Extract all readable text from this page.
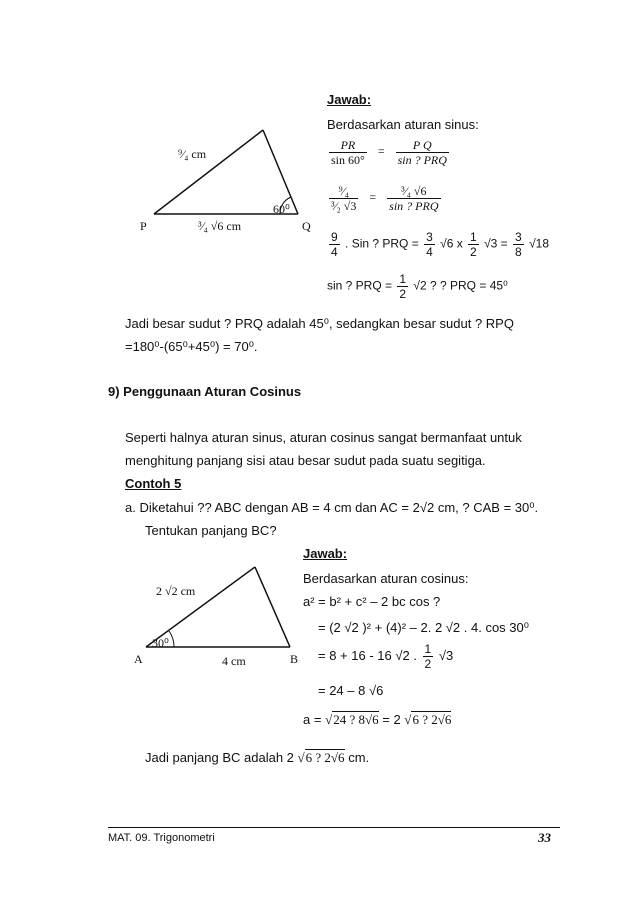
P	Q
⁹⁄₄ cm
³⁄₄ √6 cm
60⁰
Jawab:
Berdasarkan aturan sinus:
$\frac{PR}{\sin 60^\circ} = \frac{\text{P Q}}{\text{sin ? PRQ}}$
$\frac{\text{⁹⁄₄}}{\text{³⁄₂ √3}} = \frac{\text{³⁄₄ √6}}{\text{sin ? PRQ}}$
$\frac{9}{4}$ . Sin ? PRQ = $\frac{3}{4} √6$ x $\frac{1}{2} √3 = \frac{3}{8} √18$
sin ? PRQ = $\frac{1}{2} √2$ ? ? PRQ = 45⁰
Jadi besar sudut ? PRQ adalah 45⁰, sedangkan besar sudut ? RPQ
=180⁰-(65⁰+45⁰) = 70⁰.
9) Penggunaan Aturan Cosinus
Seperti halnya aturan sinus, aturan cosinus sangat bermanfaat untuk
menghitung panjang sisi atau besar sudut pada suatu segitiga.
Contoh 5
a. Diketahui ?? ABC dengan AB = 4 cm dan AC = 2√2 cm, ? CAB = 30⁰.
Tentukan panjang BC?
A	B
2 √2 cm
4 cm
30⁰
Jawab:
Berdasarkan aturan cosinus:
a² = b² + c² – 2 bc cos ?
= (2 √2 )² + (4)² – 2. 2 √2 . 4. cos 30⁰
= 8 + 16 - 16 √2 . $\frac{1}{2} √3$
= 24 – 8 √6
a = √24 ? 8√6 = 2 √6 ? 2√6
Jadi panjang BC adalah 2 √6 ? 2√6 cm.
MAT. 09. Trigonometri	33
